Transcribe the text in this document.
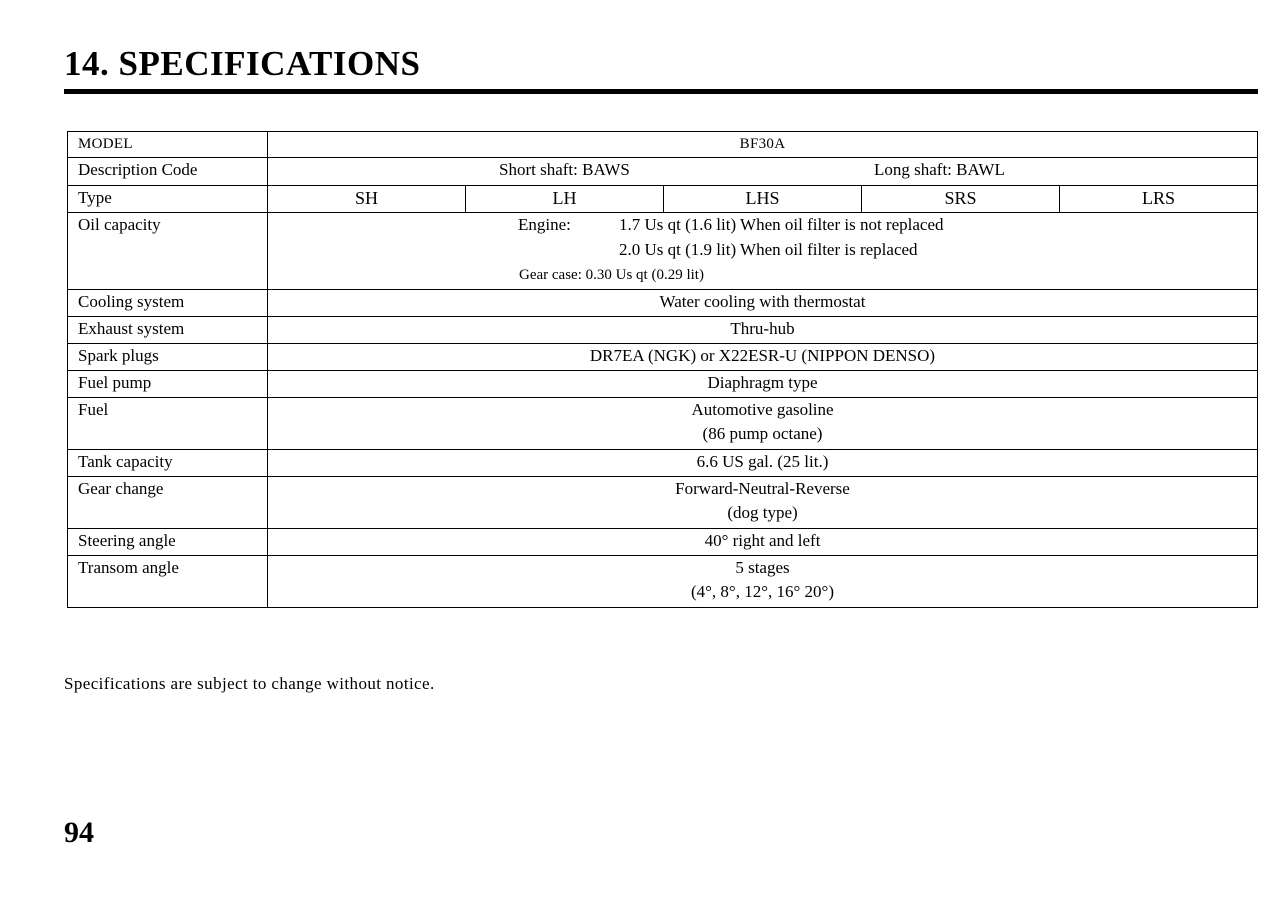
14. SPECIFICATIONS
MODEL	BF30A				
Description Code	Short shaft: BAWS Long shaft: BAWL				

Type	SH	LH	LHS	SRS	LRS
Oil capacity	Engine: 1.7 Us qt (1.6 lit) When oil filter is not replaced
2.0 Us qt (1.9 lit) When oil filter is replaced
Gear case: 0.30 Us qt (0.29 lit)				

Cooling system	Water cooling with thermostat				
Exhaust system	Thru-hub				
Spark plugs	DR7EA (NGK) or X22ESR-U (NIPPON DENSO)				
Fuel pump	Diaphragm type				
Fuel	Automotive gasoline
(86 pump octane)				

Tank capacity	6.6 US gal. (25 lit.)				
Gear change	Forward-Neutral-Reverse
(dog type)				

Steering angle	40° right and left				
Transom angle	5 stages
(4°, 8°, 12°, 16° 20°)				
Specifications are subject to change without notice.
94
